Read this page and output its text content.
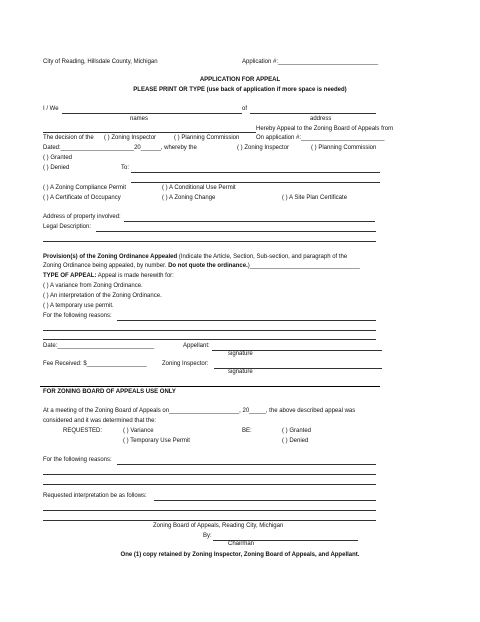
City of Reading, Hillsdale County, Michigan	Application #:______________________________
APPLICATION FOR APPEAL
PLEASE PRINT OR TYPE (use back of application if more space is needed)
I / We	of
names	address
Hereby Appeal to the Zoning Board of Appeals from
The decision of the ( ) Zoning Inspector	( ) Planning Commission	On application #:_________________________
Dated:______________________20______, whereby the	( ) Zoning Inspector	( ) Planning Commission
( ) Granted
( ) Denied	To:
( ) A Zoning Compliance Permit	( ) A Conditional Use Permit
( ) A Certificate of Occupancy	( ) A Zoning Change	( ) A Site Plan Certificate
Address of property involved:
Legal Description:
Provision(s) of the Zoning Ordinance Appealed (Indicate the Article, Section, Sub-section, and paragraph of the
Zoning Ordinance being appealed, by number. Do not quote the ordinance.)_________________________________
TYPE OF APPEAL: Appeal is made herewith for:
( ) A variance from Zoning Ordinance.
( ) An interpretation of the Zoning Ordinance.
( ) A temporary use permit.
For the following reasons:
Date:_____________________________	Appellant:
signature
Fee Received: $__________________	Zoning Inspector:
signature
FOR ZONING BOARD OF APPEALS USE ONLY
At a meeting of the Zoning Board of Appeals on_____________________, 20_____, the above described appeal was
considered and it was determined that the:
REQUESTED:	( ) Variance	BE:	( ) Granted
( ) Temporary Use Permit	( ) Denied
For the following reasons:
Requested interpretation be as follows:
Zoning Board of Appeals, Reading City, Michigan
By:
Chairman
One (1) copy retained by Zoning Inspector, Zoning Board of Appeals, and Appellant.
